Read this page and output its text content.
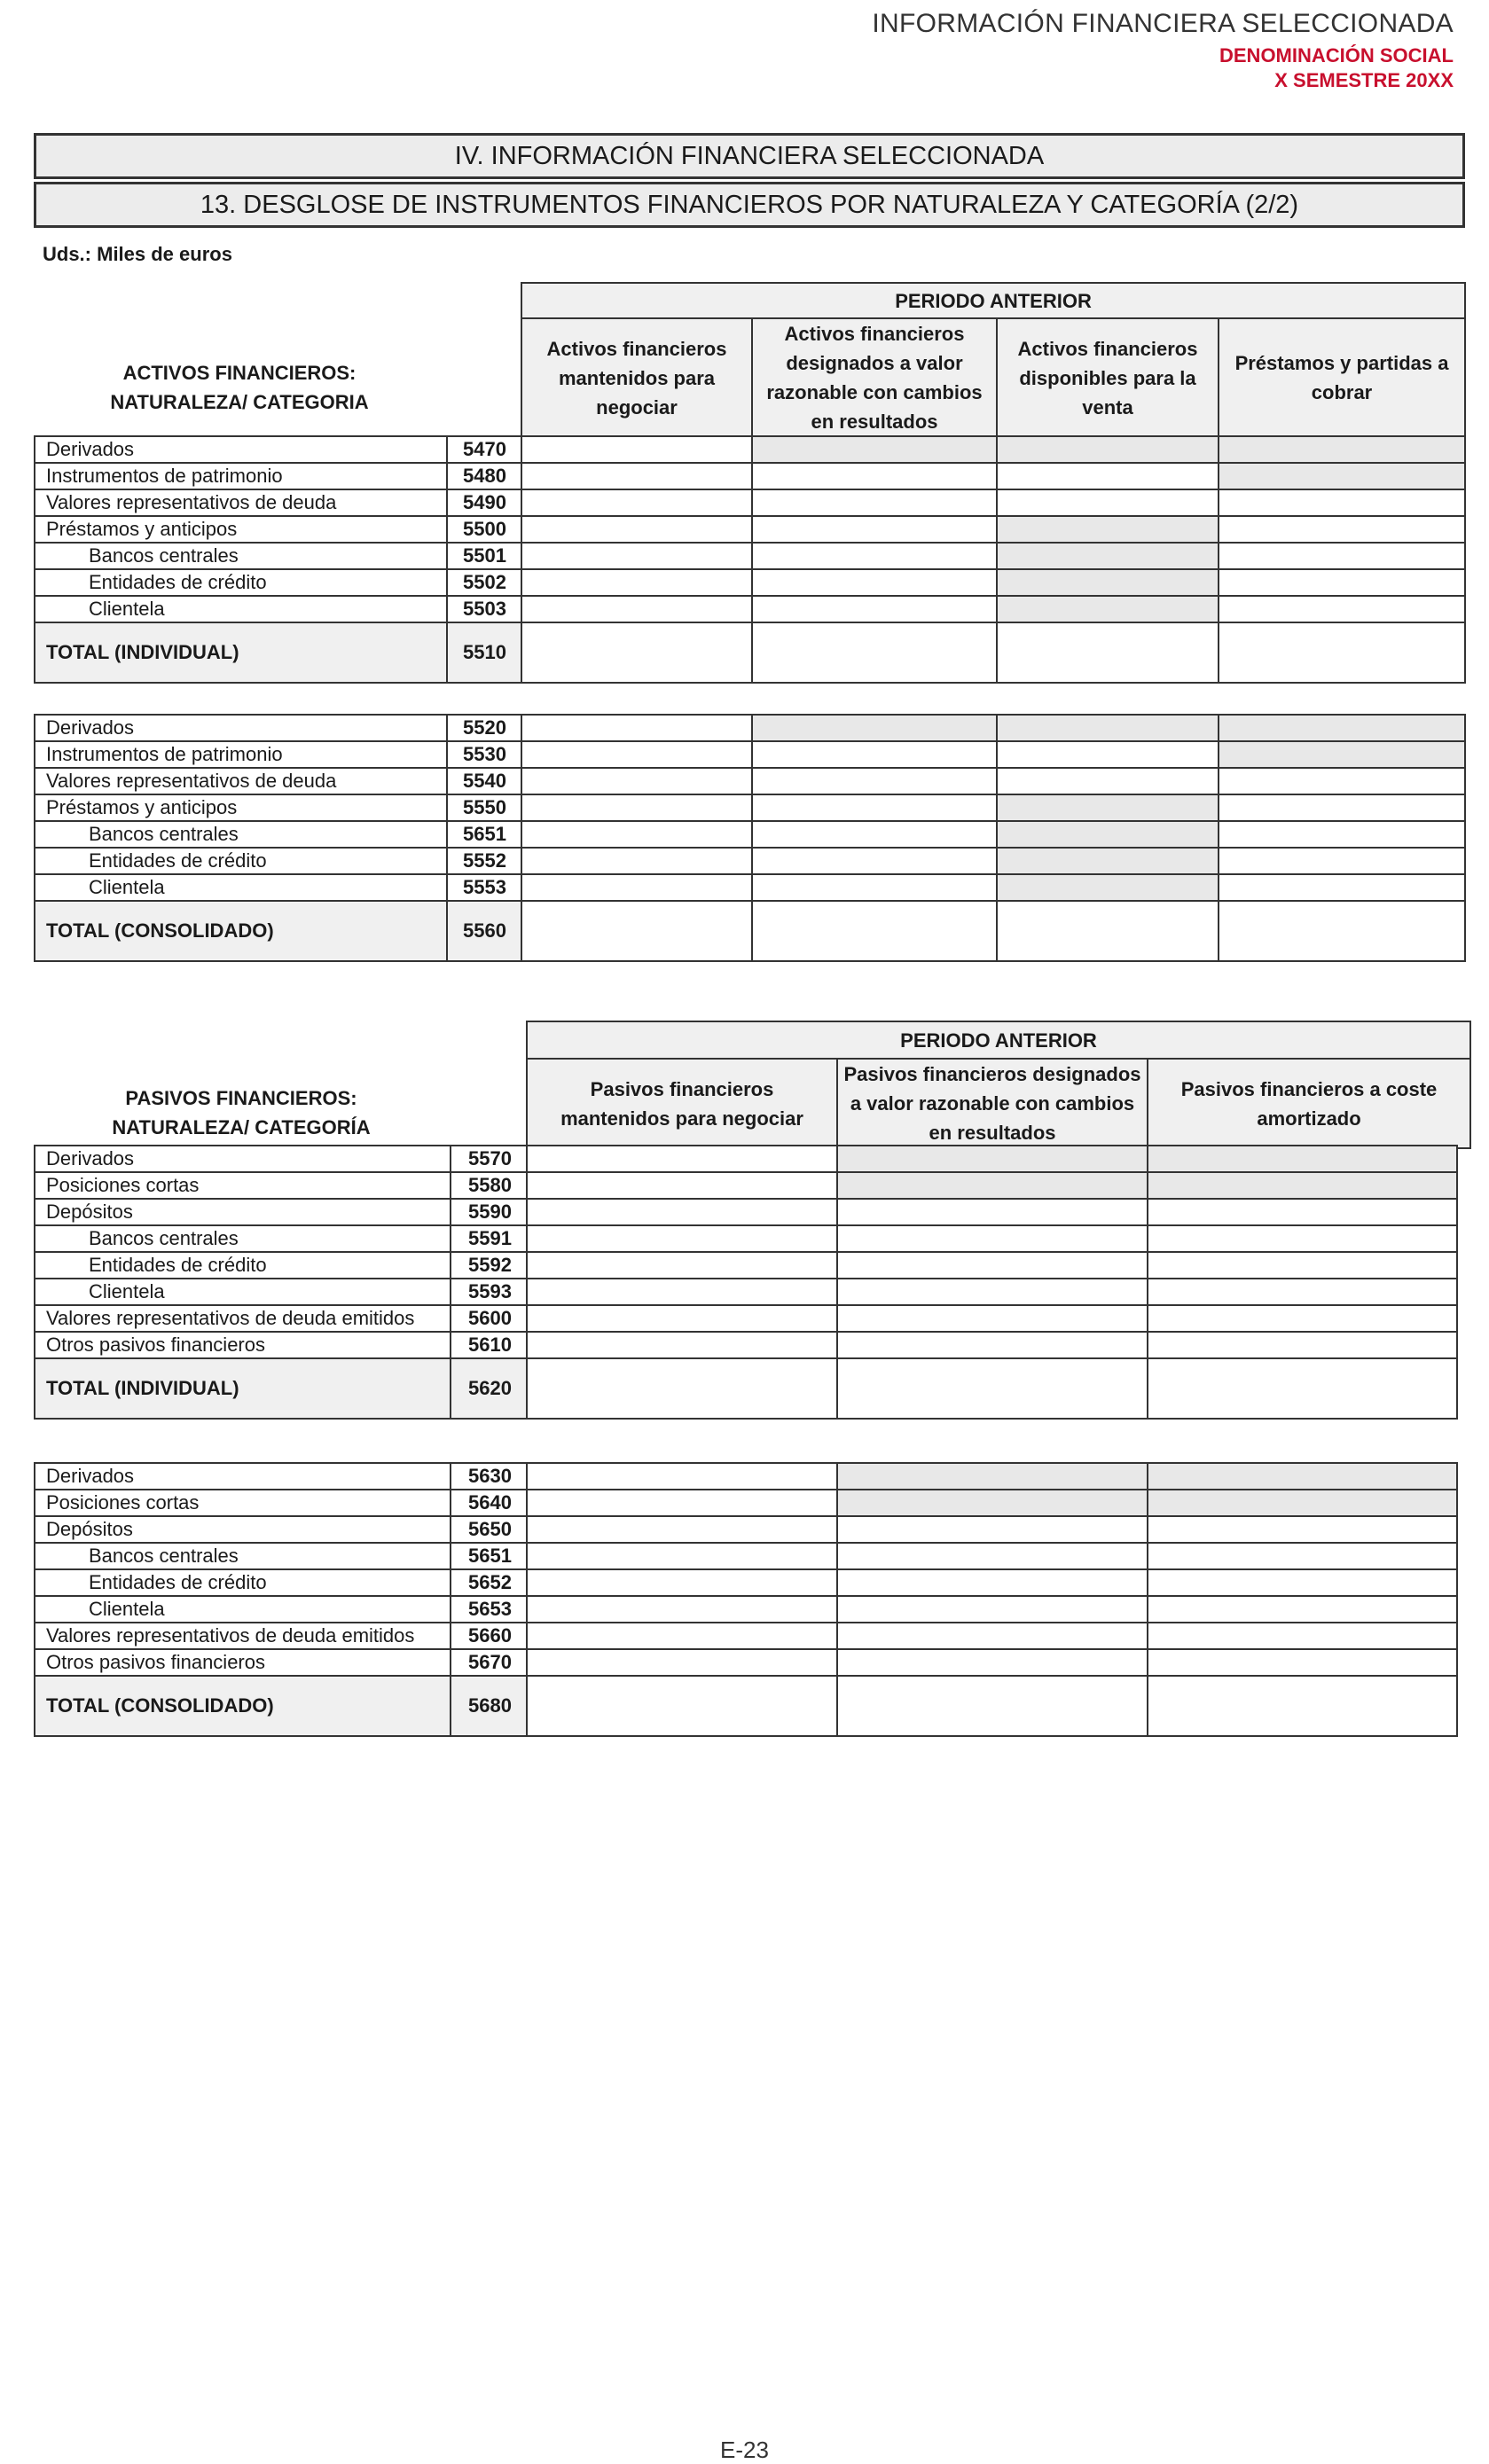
INFORMACIÓN FINANCIERA SELECCIONADA
DENOMINACIÓN SOCIAL
X SEMESTRE 20XX
IV. INFORMACIÓN FINANCIERA SELECCIONADA
13. DESGLOSE DE INSTRUMENTOS FINANCIEROS POR NATURALEZA Y CATEGORÍA (2/2)
Uds.: Miles de euros
ACTIVOS FINANCIEROS:
NATURALEZA/ CATEGORIA
PERIODO ANTERIOR
Activos financieros mantenidos para negociar	Activos financieros designados a valor razonable con cambios en resultados	Activos financieros disponibles para la venta	Préstamos y partidas a cobrar
Derivados	5470				
Instrumentos de patrimonio	5480				
Valores representativos de deuda	5490				
Préstamos y anticipos	5500				
Bancos centrales	5501				
Entidades de crédito	5502				
Clientela	5503				
TOTAL (INDIVIDUAL)	5510				
Derivados	5520				
Instrumentos de patrimonio	5530				
Valores representativos de deuda	5540				
Préstamos y anticipos	5550				
Bancos centrales	5651				
Entidades de crédito	5552				
Clientela	5553				
TOTAL (CONSOLIDADO)	5560				
PASIVOS FINANCIEROS:
NATURALEZA/ CATEGORÍA
PERIODO ANTERIOR
Pasivos financieros mantenidos para negociar	Pasivos financieros designados a valor razonable con cambios en resultados	Pasivos financieros a coste amortizado
Derivados	5570			
Posiciones cortas	5580			
Depósitos	5590			
Bancos centrales	5591			
Entidades de crédito	5592			
Clientela	5593			
Valores representativos de deuda emitidos	5600			
Otros pasivos financieros	5610			
TOTAL (INDIVIDUAL)	5620			
Derivados	5630			
Posiciones cortas	5640			
Depósitos	5650			
Bancos centrales	5651			
Entidades de crédito	5652			
Clientela	5653			
Valores representativos de deuda emitidos	5660			
Otros pasivos financieros	5670			
TOTAL (CONSOLIDADO)	5680			
E-23
